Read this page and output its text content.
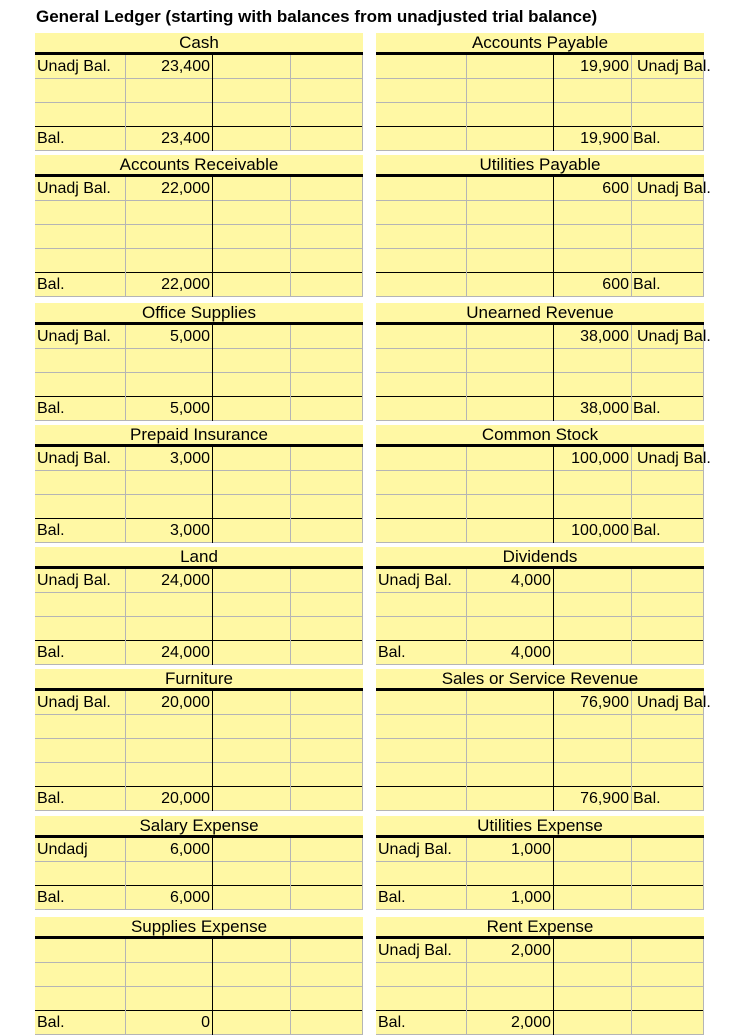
General Ledger (starting with balances from unadjusted trial balance)
Cash
Unadj Bal.	23,400
Bal.	23,400
Accounts Payable
19,900 Unadj Bal.
19,900 Bal.
Accounts Receivable
Unadj Bal.	22,000
Bal.	22,000
Utilities Payable
600 Unadj Bal.
600 Bal.
Office Supplies
Unadj Bal.	5,000
Bal.	5,000
Unearned Revenue
38,000 Unadj Bal.
38,000 Bal.
Prepaid Insurance
Unadj Bal.	3,000
Bal.	3,000
Common Stock
100,000 Unadj Bal.
100,000 Bal.
Land
Unadj Bal.	24,000
Bal.	24,000
Dividends
Unadj Bal.	4,000
Bal.	4,000
Furniture
Unadj Bal.	20,000
Bal.	20,000
Sales or Service Revenue
76,900 Unadj Bal.
76,900 Bal.
Salary Expense
Undadj	6,000
Bal.	6,000
Utilities Expense
Unadj Bal.	1,000
Bal.	1,000
Supplies Expense
Bal.	0
Rent Expense
Unadj Bal.	2,000
Bal.	2,000
